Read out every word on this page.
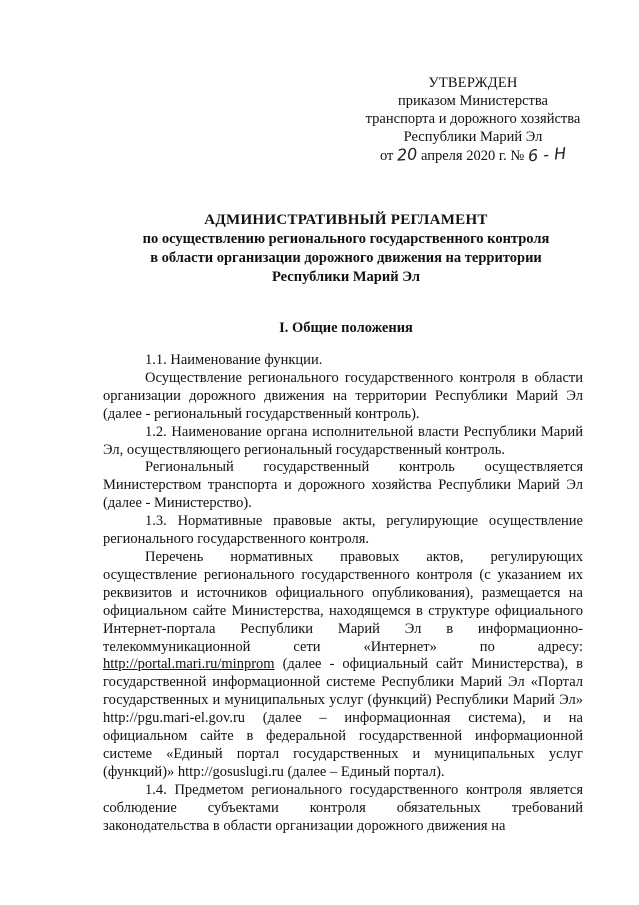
УТВЕРЖДЕН
приказом Министерства
транспорта и дорожного хозяйства
Республики Марий Эл
от 20 апреля 2020 г. № 6 - Н
АДМИНИСТРАТИВНЫЙ РЕГЛАМЕНТ
по осуществлению регионального государственного контроля
в области организации дорожного движения на территории
Республики Марий Эл
I. Общие положения

1.1. Наименование функции.

Осуществление регионального государственного контроля в области организации дорожного движения на территории Республики Марий Эл (далее - региональный государственный контроль).

1.2. Наименование органа исполнительной власти Республики Марий Эл, осуществляющего региональный государственный контроль.

Региональный государственный контроль осуществляется Министерством транспорта и дорожного хозяйства Республики Марий Эл (далее - Министерство).

1.3. Нормативные правовые акты, регулирующие осуществление регионального государственного контроля.

Перечень нормативных правовых актов, регулирующих осуществление регионального государственного контроля (с указанием их реквизитов и источников официального опубликования), размещается на официальном сайте Министерства, находящемся в структуре официального Интернет-портала Республики Марий Эл в информационно-телекоммуникационной сети «Интернет» по адресу: http://portal.mari.ru/minprom (далее - официальный сайт Министерства), в государственной информационной системе Республики Марий Эл «Портал государственных и муниципальных услуг (функций) Республики Марий Эл» http://pgu.mari-el.gov.ru (далее – информационная система), и на официальном сайте в федеральной государственной информационной системе «Единый портал государственных и муниципальных услуг (функций)» http://gosuslugi.ru (далее – Единый портал).

1.4. Предметом регионального государственного контроля является соблюдение субъектами контроля обязательных требований законодательства в области организации дорожного движения на
